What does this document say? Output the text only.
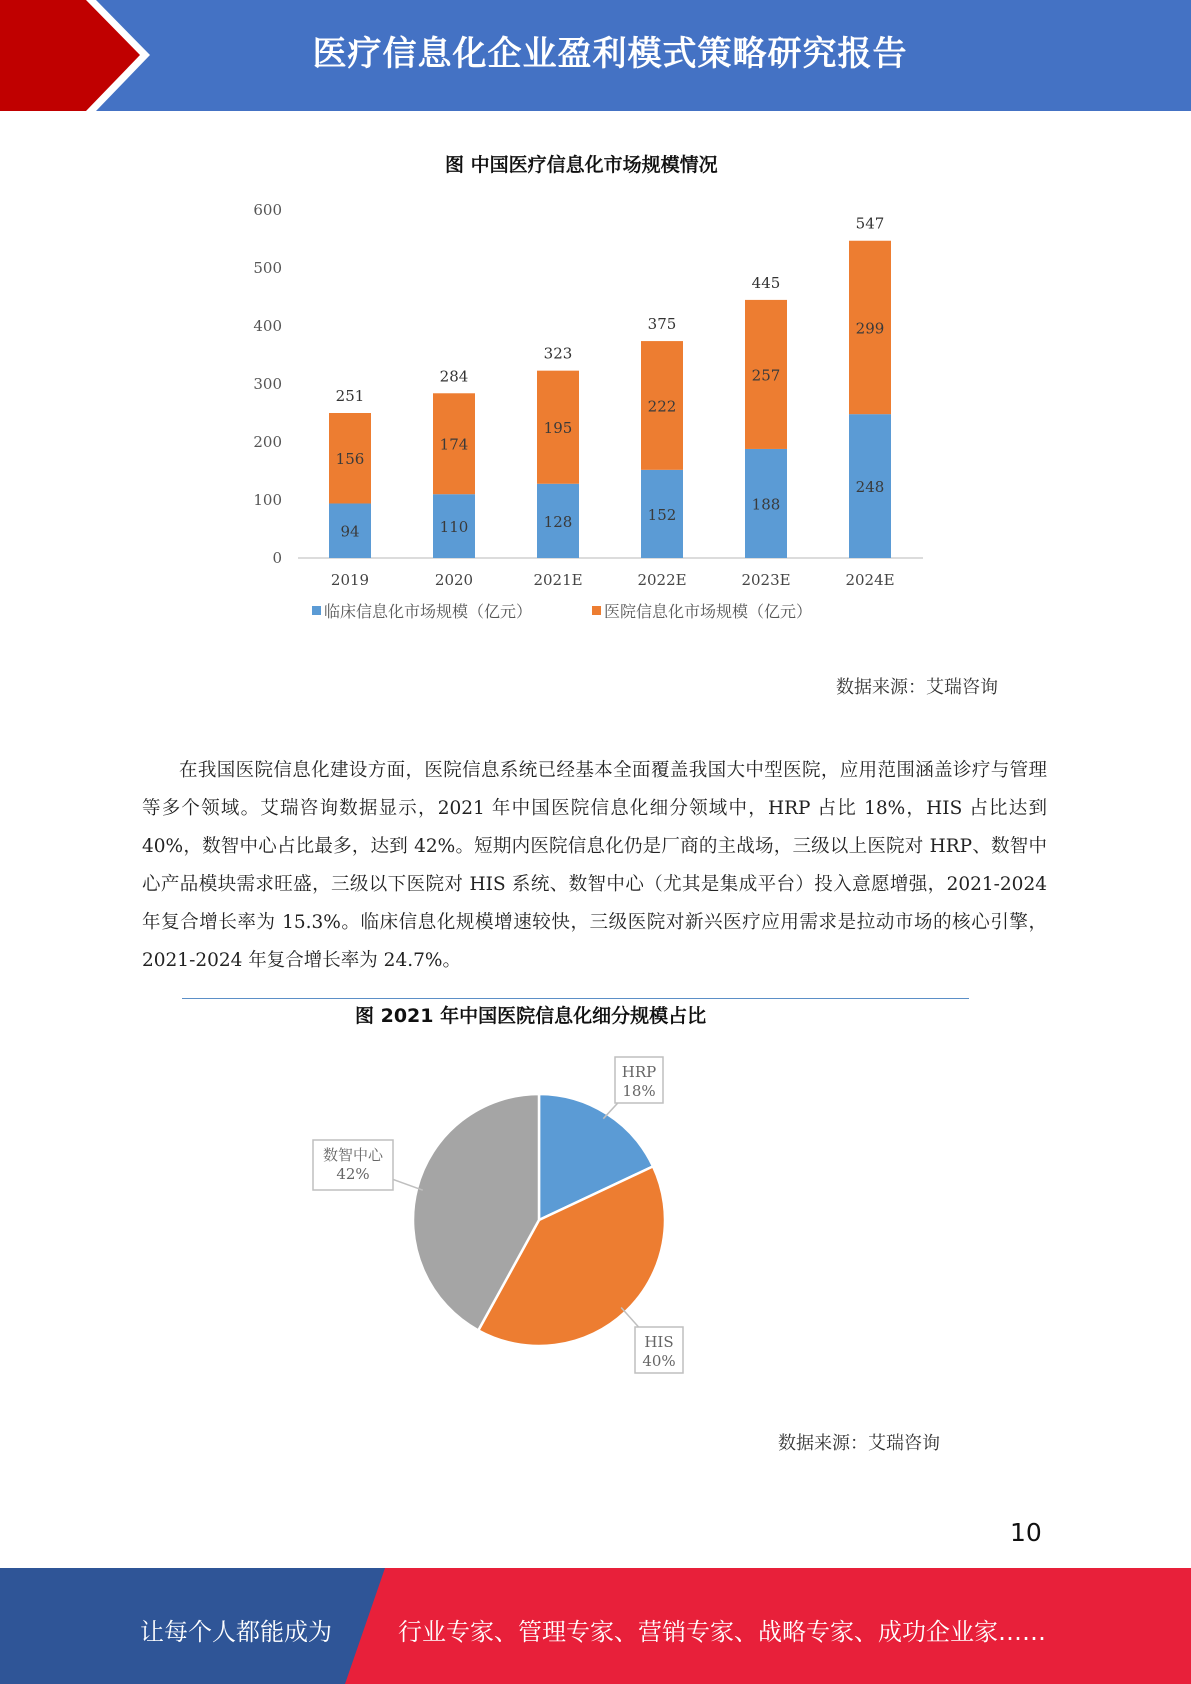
医疗信息化企业盈利模式策略研究报告
图 中国医疗信息化市场规模情况
0
100
200
300
400
500
600
94
156
251
2019
110
174
284
2020
128
195
323
2021E
152
222
375
2022E
188
257
445
2023E
248
299
547
2024E
临床信息化市场规模（亿元）	医院信息化市场规模（亿元）
数据来源：艾瑞咨询
在我国医院信息化建设方面，医院信息系统已经基本全面覆盖我国大中型医院，应用范围涵盖诊疗与管理等多个领域。艾瑞咨询数据显示，2021 年中国医院信息化细分领域中，HRP 占比 18%，HIS 占比达到 40%，数智中心占比最多，达到 42%。短期内医院信息化仍是厂商的主战场，三级以上医院对 HRP、数智中心产品模块需求旺盛，三级以下医院对 HIS 系统、数智中心（尤其是集成平台）投入意愿增强，2021-2024 年复合增长率为 15.3%。临床信息化规模增速较快，三级医院对新兴医疗应用需求是拉动市场的核心引擎，2021-2024 年复合增长率为 24.7%。
图 2021 年中国医院信息化细分规模占比
HRP
18%
HIS
40%
数智中心
42%
数据来源：艾瑞咨询
10
让每个人都能成为	行业专家、管理专家、营销专家、战略专家、成功企业家……
